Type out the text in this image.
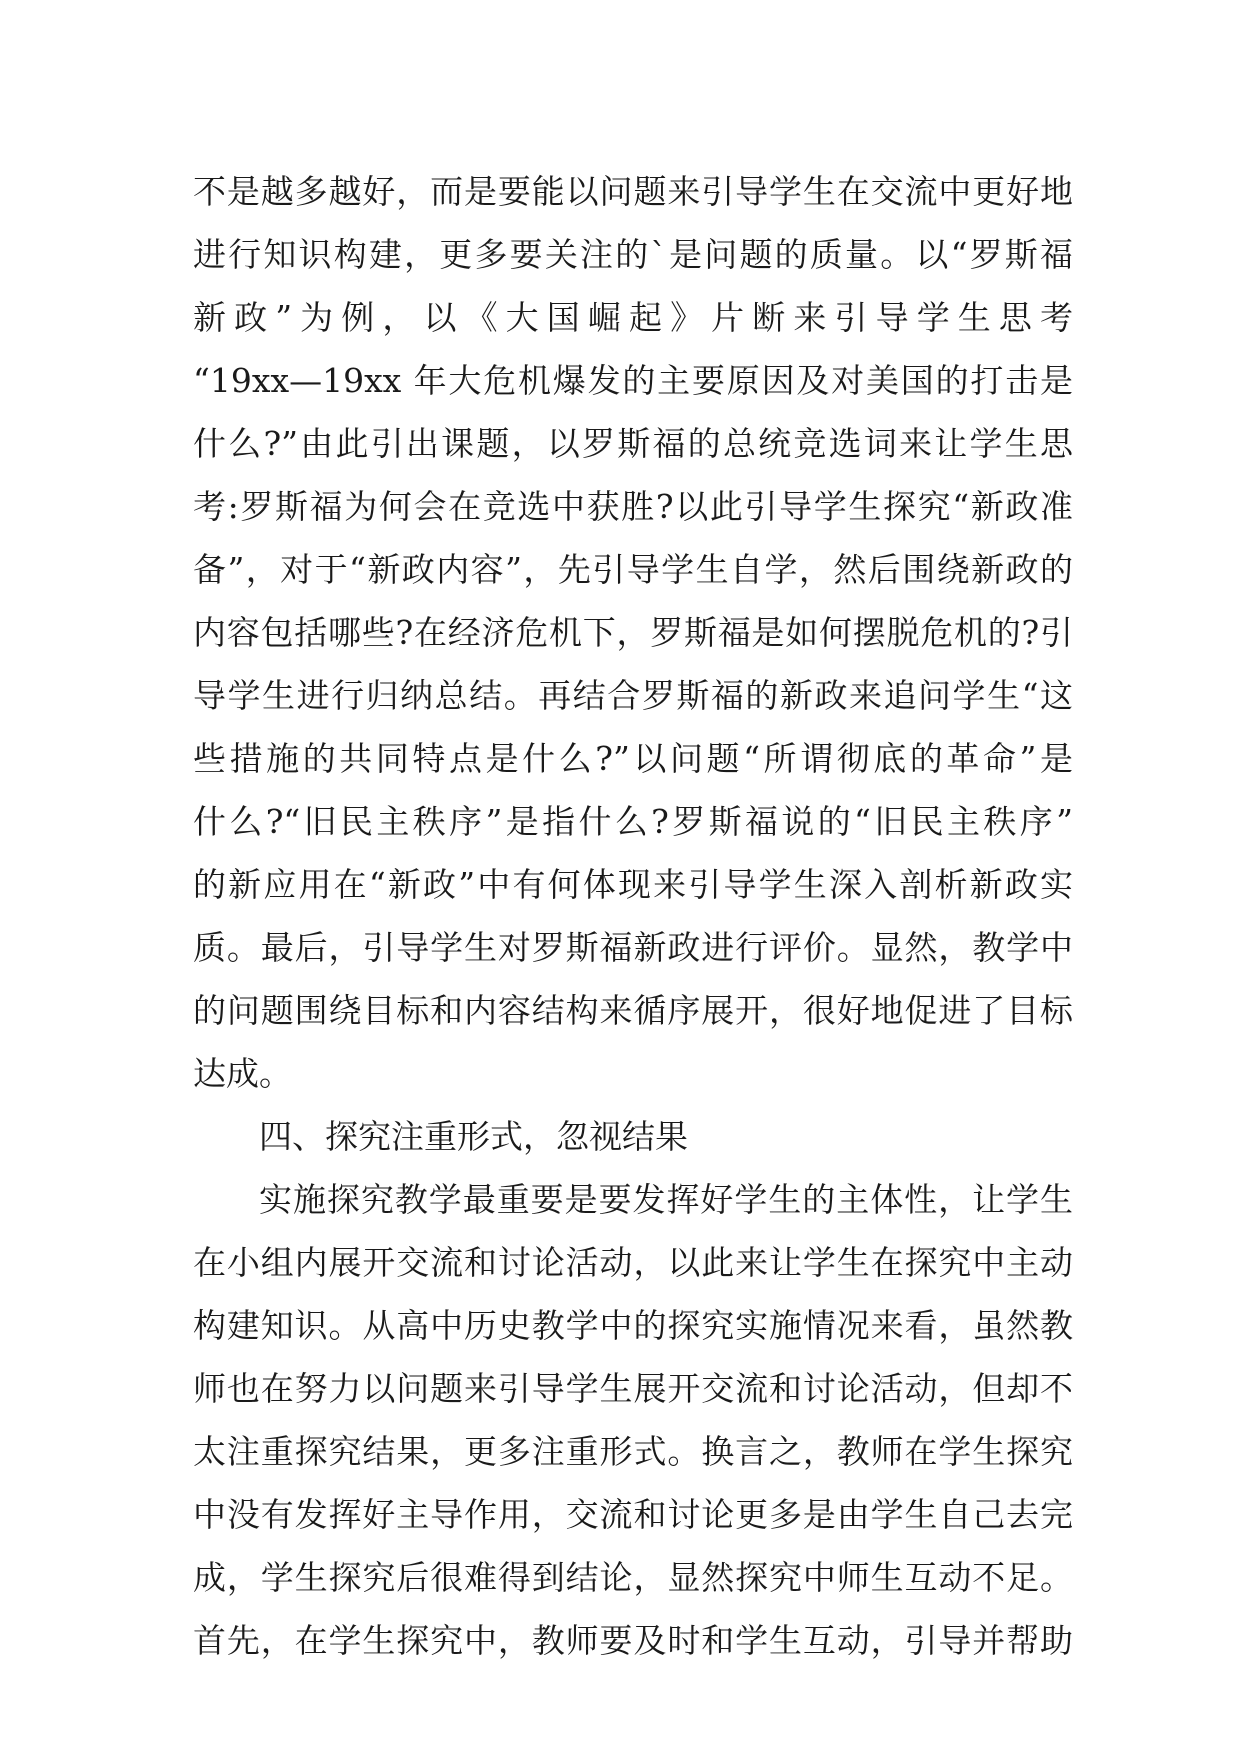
不是越多越好，而是要能以问题来引导学生在交流中更好地
进行知识构建，更多要关注的`是问题的质量。以“罗斯福
新政”为例，以《大国崛起》片断来引导学生思考
“19xx—19xx 年大危机爆发的主要原因及对美国的打击是
什么?”由此引出课题，以罗斯福的总统竞选词来让学生思
考:罗斯福为何会在竞选中获胜?以此引导学生探究“新政准
备”，对于“新政内容”，先引导学生自学，然后围绕新政的
内容包括哪些?在经济危机下，罗斯福是如何摆脱危机的?引
导学生进行归纳总结。再结合罗斯福的新政来追问学生“这
些措施的共同特点是什么?”以问题“所谓彻底的革命”是
什么?“旧民主秩序”是指什么?罗斯福说的“旧民主秩序”
的新应用在“新政”中有何体现来引导学生深入剖析新政实
质。最后，引导学生对罗斯福新政进行评价。显然，教学中
的问题围绕目标和内容结构来循序展开，很好地促进了目标
达成。
四、探究注重形式，忽视结果
实施探究教学最重要是要发挥好学生的主体性，让学生
在小组内展开交流和讨论活动，以此来让学生在探究中主动
构建知识。从高中历史教学中的探究实施情况来看，虽然教
师也在努力以问题来引导学生展开交流和讨论活动，但却不
太注重探究结果，更多注重形式。换言之，教师在学生探究
中没有发挥好主导作用，交流和讨论更多是由学生自己去完
成，学生探究后很难得到结论，显然探究中师生互动不足。
首先，在学生探究中，教师要及时和学生互动，引导并帮助
